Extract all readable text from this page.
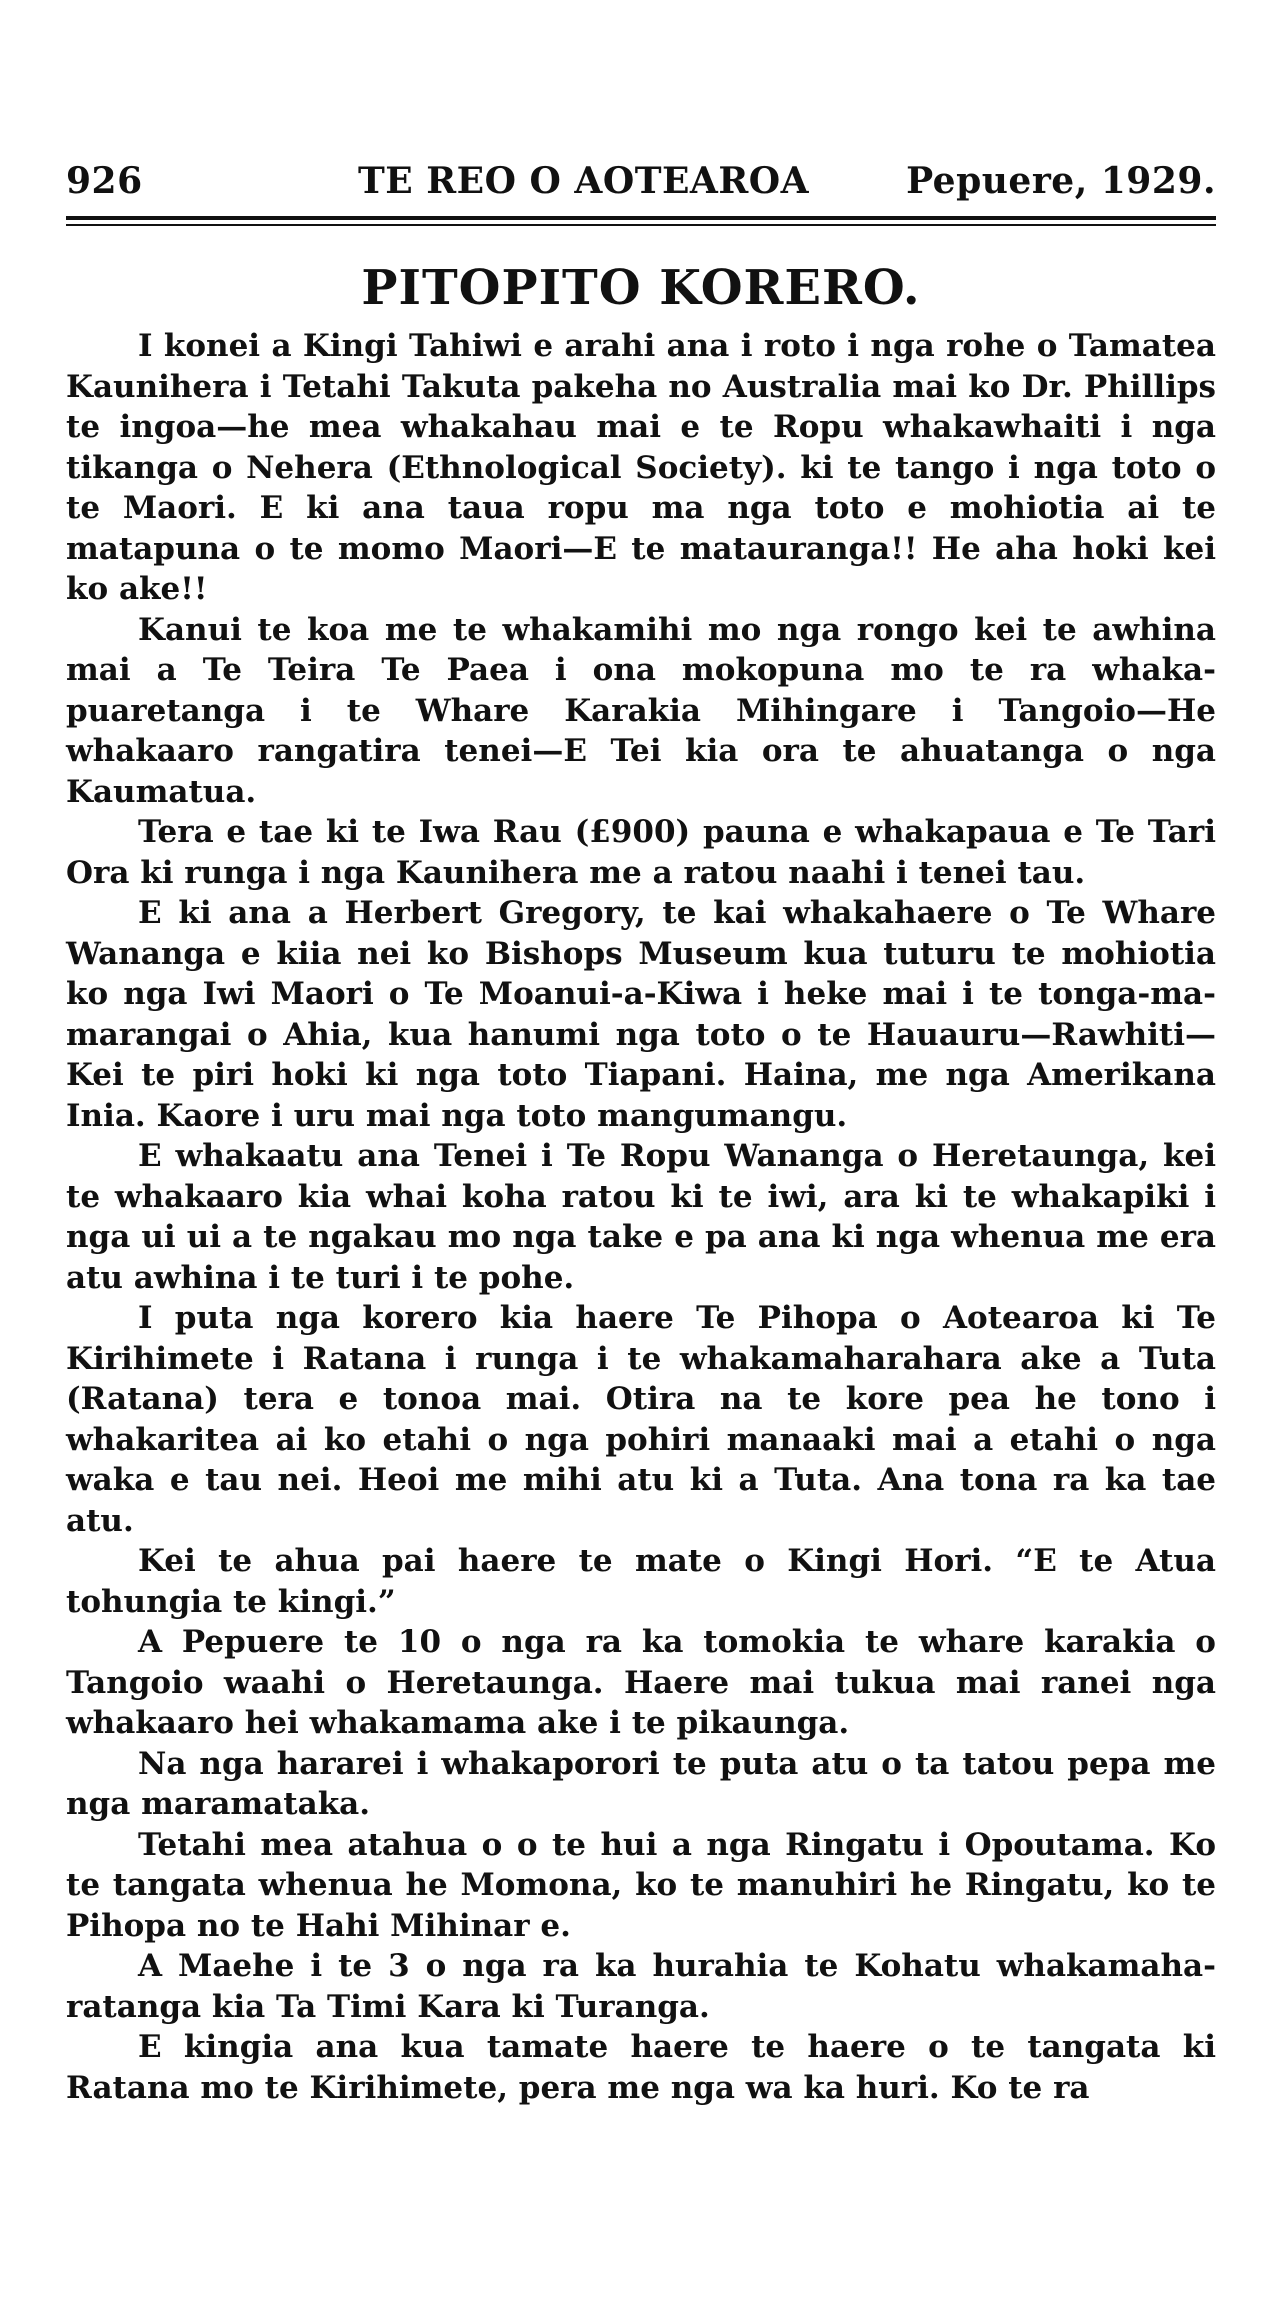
926	TE REO O AOTEAROA	Pepuere, 1929.
PITOPITO KORERO.

I konei a Kingi Tahiwi e arahi ana i roto i nga rohe o Tamatea Kaunihera i Tetahi Takuta pakeha no Australia mai ko Dr. Phillips te ingoa—he mea whakahau mai e te Ropu whakawhaiti i nga tikanga o Nehera (Ethnological Society). ki te tango i nga toto o te Maori. E ki ana taua ropu ma nga toto e mohiotia ai te matapuna o te momo Maori—E te matauranga!! He aha hoki kei ko ake!!

Kanui te koa me te whakamihi mo nga rongo kei te awhina mai a Te Teira Te Paea i ona mokopuna mo te ra whakapuaretanga i te Whare Karakia Mihingare i Tangoio—He whakaaro rangatira tenei—E Tei kia ora te ahuatanga o nga Kaumatua.

Tera e tae ki te Iwa Rau (£900) pauna e whakapaua e Te Tari Ora ki runga i nga Kaunihera me a ratou naahi i tenei tau.

E ki ana a Herbert Gregory, te kai whakahaere o Te Whare Wananga e kiia nei ko Bishops Museum kua tuturu te mohiotia ko nga Iwi Maori o Te Moanui-a-Kiwa i heke mai i te tonga-ma-marangai o Ahia, kua hanumi nga toto o te Hauauru—Rawhiti—Kei te piri hoki ki nga toto Tiapani. Haina, me nga Amerikana Inia. Kaore i uru mai nga toto mangumangu.

E whakaatu ana Tenei i Te Ropu Wananga o Heretaunga, kei te whakaaro kia whai koha ratou ki te iwi, ara ki te whakapiki i nga ui ui a te ngakau mo nga take e pa ana ki nga whenua me era atu awhina i te turi i te pohe.

I puta nga korero kia haere Te Pihopa o Aotearoa ki Te Kirihimete i Ratana i runga i te whakamaharahara ake a Tuta (Ratana) tera e tonoa mai. Otira na te kore pea he tono i whakaritea ai ko etahi o nga pohiri manaaki mai a etahi o nga waka e tau nei. Heoi me mihi atu ki a Tuta. Ana tona ra ka tae atu.

Kei te ahua pai haere te mate o Kingi Hori. “E te Atua tohungia te kingi.”

A Pepuere te 10 o nga ra ka tomokia te whare karakia o Tangoio waahi o Heretaunga. Haere mai tukua mai ranei nga whakaaro hei whakamama ake i te pikaunga.

Na nga hararei i whakaporori te puta atu o ta tatou pepa me nga maramataka.

Tetahi mea atahua o o te hui a nga Ringatu i Opoutama. Ko te tangata whenua he Momona, ko te manuhiri he Ringatu, ko te Pihopa no te Hahi Mihinar e.

A Maehe i te 3 o nga ra ka hurahia te Kohatu whakamaharatanga kia Ta Timi Kara ki Turanga.

E kingia ana kua tamate haere te haere o te tangata ki Ratana mo te Kirihimete, pera me nga wa ka huri. Ko te ra
